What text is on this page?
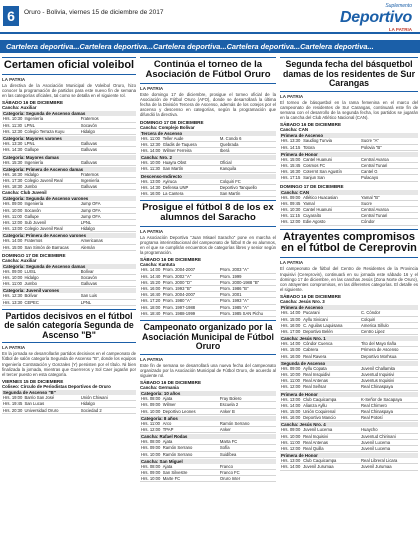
6	Oruro - Bolivia, viernes 15 de diciembre de 2017
Suplemento
Deportivo
LA PATRIA
Cartelera deportiva...Cartelera deportiva...Cartelera deportiva...Cartelera deportiva...Cartelera deportiva...
Certamen oficial voleibol
LA PATRIA
La directiva de la Asociación Municipal de Voleibol Oruro, hizo conocer la programación de partidos para este nuevo fin de semana en las categorías oficiales, tal como se detalla en el siguiente rol.
SÁBADO 16 DE DICIEMBRE
Cancha: Auxiliar
Categoría: Segunda de Ascenso damas
Hrs. 10:30	Ingeniería	Fraternos
Hrs. 11:30	LPNL	Socavón
Hrs. 12:30	Colegio Terraza Kuyu	Hidalgo
Categoría: Mayores varones
Hrs. 13:30	LPNL	Galluvas
Hrs. 14:30	Gallupe	Galluvas
Categoría: Mayores damas
Hrs. 15:30	Ingeniería	Galluvas
Categoría: Primera de Ascenso damas
Hrs. 16:30	Hidalgo	Fraternos
Hrs. 17:30	Colegio Juvenil Real	Ingeniería
Hrs. 18:30	Jumbo	Galluvas
Cancha: Club Juvenil
Categoría: Segunda de Ascenso varones
Hrs. 09:00	Ingeniería	Jump OFA
Hrs. 10:00	Socavón	Jump OFA
Hrs. 11:00	Gallupe	Jump OFA
Hrs. 12:00	Sub Juvenil	LPNL
Hrs. 13:00	Colegio Juvenil Real	Hidalgo
Categoría: Primera de Ascenso varones
Hrs. 14:00	Fraternos	Americanas
Hrs. 15:00	San Simón de Barracas	Alemán
DOMINGO 17 DE DICIEMBRE
Cancha: Auxiliar
Categoría: Segunda de Ascenso damas
Hrs. 09:00	LUISL	Bolívar
Hrs. 10:00	Hidalgo	Socavón
Hrs. 11:00	Jumbo	Galluvas
Categoría: Juvenil varones
Hrs. 12:30	Bolívar	San Luis
Hrs. 13:30	CEPEC	LPNL
Partidos decisivos en el fútbol de salón categoría Segunda de Ascenso "B"
LA PATRIA
En la jornada se desarrollarán partidos decisivos en el campeonato de fútbol de salón categoría Segunda de Ascenso "B", donde los equipos Ingeniería Contratación y Gonzales (Y) persisten por el título. Ni bien finalizada la jornada, mientras que Guerreros y Sol Caer jugarán por el tercer puesto en esta categoría.
VIERNES 15 DE DICIEMBRE
Coliseo: Círculo de Periodistas Deportivos de Oruro
Segunda de Ascenso "B"
Hrs. 19:00	Barrio San José	Unión Chiwani
Hrs. 19:45	San Lucas	Hidalgo
Hrs. 20:30	Universidad Oruro	Sociedad 2
Continúa el torneo de la Asociación de Fútbol Oruro
LA PATRIA
Este domingo 17 de diciembre, prosigue el torneo oficial de la Asociación de Fútbol Oruro (AFO), donde se desarrollará la última fecha de la División Tercera de Ascenso, además de los cotejos por el ascenso y descenso en categorías, según la programación que difundió la directiva.
DOMINGO 17 DE DICIEMBRE
Cancha: Complejo Bolívar
Tercera de Ascenso
Hrs. 11:00	Teller Aude	M. Condo 6
Hrs. 12:30	Gladis de Taquera	Quebrada
Hrs. 14:00	Wilmer Ferreira	Iberá
Cancha: Nro. 2
Hrs. 10:00	Huayra Obst	Oficial
Hrs. 11:30	San Martín	Kanquila
Descenso-Indirecto
Hrs. 13:00	Ayiruca	Colquiri FC
Hrs. 14:30	Defensa UNP	Deportivo Tanquello
Hrs. 16:00	La Cantera	San Martín
Prosigue el fútbol 8 de los ex alumnos del Saracho
LA PATRIA
La Asociación Deportiva "Juan Misael Saracho" pone en marcha el programa interinstitucional del campeonato de fútbol 8 de ex alumnos, en el que se cumplirán encuentros de categorías libres y senior según la programación.
SÁBADO 16 DE DICIEMBRE
Cancha: Kantuta
Hrs. 14:00	Prom. 2004-2007	Prom. 2003 "A"
Hrs. 14:40	Prom. 2002 "A"	Prom. 1999
Hrs. 15:20	Prom. 2000 "D"	Prom. 2000-1988 "B"
Hrs. 16:00	Prom. 1993 "B"	Prom. 1986 "B"
Hrs. 16:40	Prom. 2004-2007	Prom. 2001
Hrs. 17:20	Prom. 1980 "A"	Prom. 1993 "A"
Hrs. 18:00	Prom. 1997-1988	Prom. 1985 "A"
Hrs. 18:40	Prom. 1988-1999	Prom. 1985 SAN Pichu
Campeonato organizado por la Asociación Municipal de Fútbol Oruro
LA PATRIA
Este fin de semana se desarrollará una nueva fecha del campeonato organizado por la Asociación Municipal de Fútbol Oruro, de acuerdo al siguiente rol.
SÁBADO 16 DE DICIEMBRE
Cancha: Germania
Categoría: 10 años
Hrs. 08:00	Ajata	Fray Bolero
Hrs. 09:00	Wilmer	Escuela 2
Hrs. 10:00	Deportivo Leones	Anker B
Categoría: 8 años
Hrs. 11:00	Arco	Ramón Serrano
Hrs. 12:00	TPAP	Anker
Cancha: Rafael Rodas
Hrs. 08:00	Ajata	Marta FC
Hrs. 09:00	Ramón Serrano	Sofía
Hrs. 10:00	Ramón Serrano	Suidíbea
Cancha: San Miguel
Hrs. 08:00	Ajata	Franco
Hrs. 09:00	San Silvestre	Franco FC
Hrs. 10:00	Marte FC	Oruro Inter
Segunda fecha del básquetbol damas de los residentes de Sur Carangas
LA PATRIA
El torneo de básquetbol en la rama femenina en el marco del campeonato de residentes de Sur Carangas, continuará este fin de semana con el desarrollo de la segunda fecha, los partidos se jugarán en la cancha del Club Atlético Nacional (CAN).
SÁBADO 16 DE DICIEMBRE
Cancha: CAN
Primera de Ascenso
Hrs. 13:30	Saudiog Tunvia	Sucre "A"
Hrs. 14:15	Totora	Polovia "B"
Primera de Honor
Hrs. 15:00	Cantel Huanuni	Central Avaroa
Hrs. 15:45	Cosmos FC	Central Tunari
Hrs. 16:30	Coterrnt San Agustín	Cantel G
Hrs. 17:15	Sanjun San	Pulacayo
DOMINGO 17 DE DICIEMBRE
Cancha: CAN
Hrs. 09:00	Atlético Huacasian	Yamal "B"
Hrs. 09:45	Yamal	Sucre
Hrs. 10:30	Cantel Huanuni	Central Avaroa
Hrs. 11:15	Cuyaraíto	Central Tunari
Hrs. 12:00	Edie Agosto	Cóndor
Atrayentes compromisos en el fútbol de Cereprovin
LA PATRIA
El campeonato de fútbol del Centro de Residentes de la Provincia Inquisivi (Cereprovin), continuará en su jornada este sábado 16 y el domingo 17 de diciembre, en las canchas Jesús (Zona Norte de Oruro), con atrayentes compromisos, en las diferentes categorías. El detalle es el siguiente.
SÁBADO 16 DE DICIEMBRE
Cancha: Jesús Nro. 3
Primera de Ascenso
Hrs. 14:00	Pucarani	C. Cóndor
Hrs. 15:00	Ayllu Sivicani	Colquiri
Hrs. 16:00	C. Aguilas Laquisana	America Sillulo
Hrs. 17:00	Deportivo Belén	Centro Lipez
Cancha: Jesús Nro. 1
Hrs. 14:00	Cóndor Cuenca	Tito del Mayo Ilaña
Hrs. 15:00	Cabrera	Primera de Ascenso
Hrs. 16:00	Real Ravera	Deportivo Morhsua
Segunda de Ascenso
Hrs. 09:00	Ayllu Copata	Juvenil Challamita
Hrs. 10:00	Real Insquidivi	Juventud Inquisivi
Hrs. 11:00	Real Antenas	Juventus Inquisivi
Hrs. 12:00	Real Señsar	Real Chinaspaya
Primera de Honor
Hrs. 13:00	Club Caquicampa	K-Señor de Sacapaya
Hrs. 14:00	Alianza Ayllu	Real Chirnero
Hrs. 15:00	Unión Coquirenal	Real Chinaspaya
Hrs. 16:00	Deportivo Mancio	Real Potosí
Cancha: Jesús Nro. 4
Hrs. 09:00	Juvenil Lucema	Huaycho
Hrs. 10:00	Real Inquisivi	Juventud Chirinani
Hrs. 11:00	Real Antenas	Juvenil Lucema
Hrs. 12:00	Real Quilla	Juvenil Lucema
Primera de Honor
Hrs. 13:00	Club Caquicampa	Real Libreral Licara
Hrs. 14:00	Juvenil Jurumaa	Juvenil Jurumaa
